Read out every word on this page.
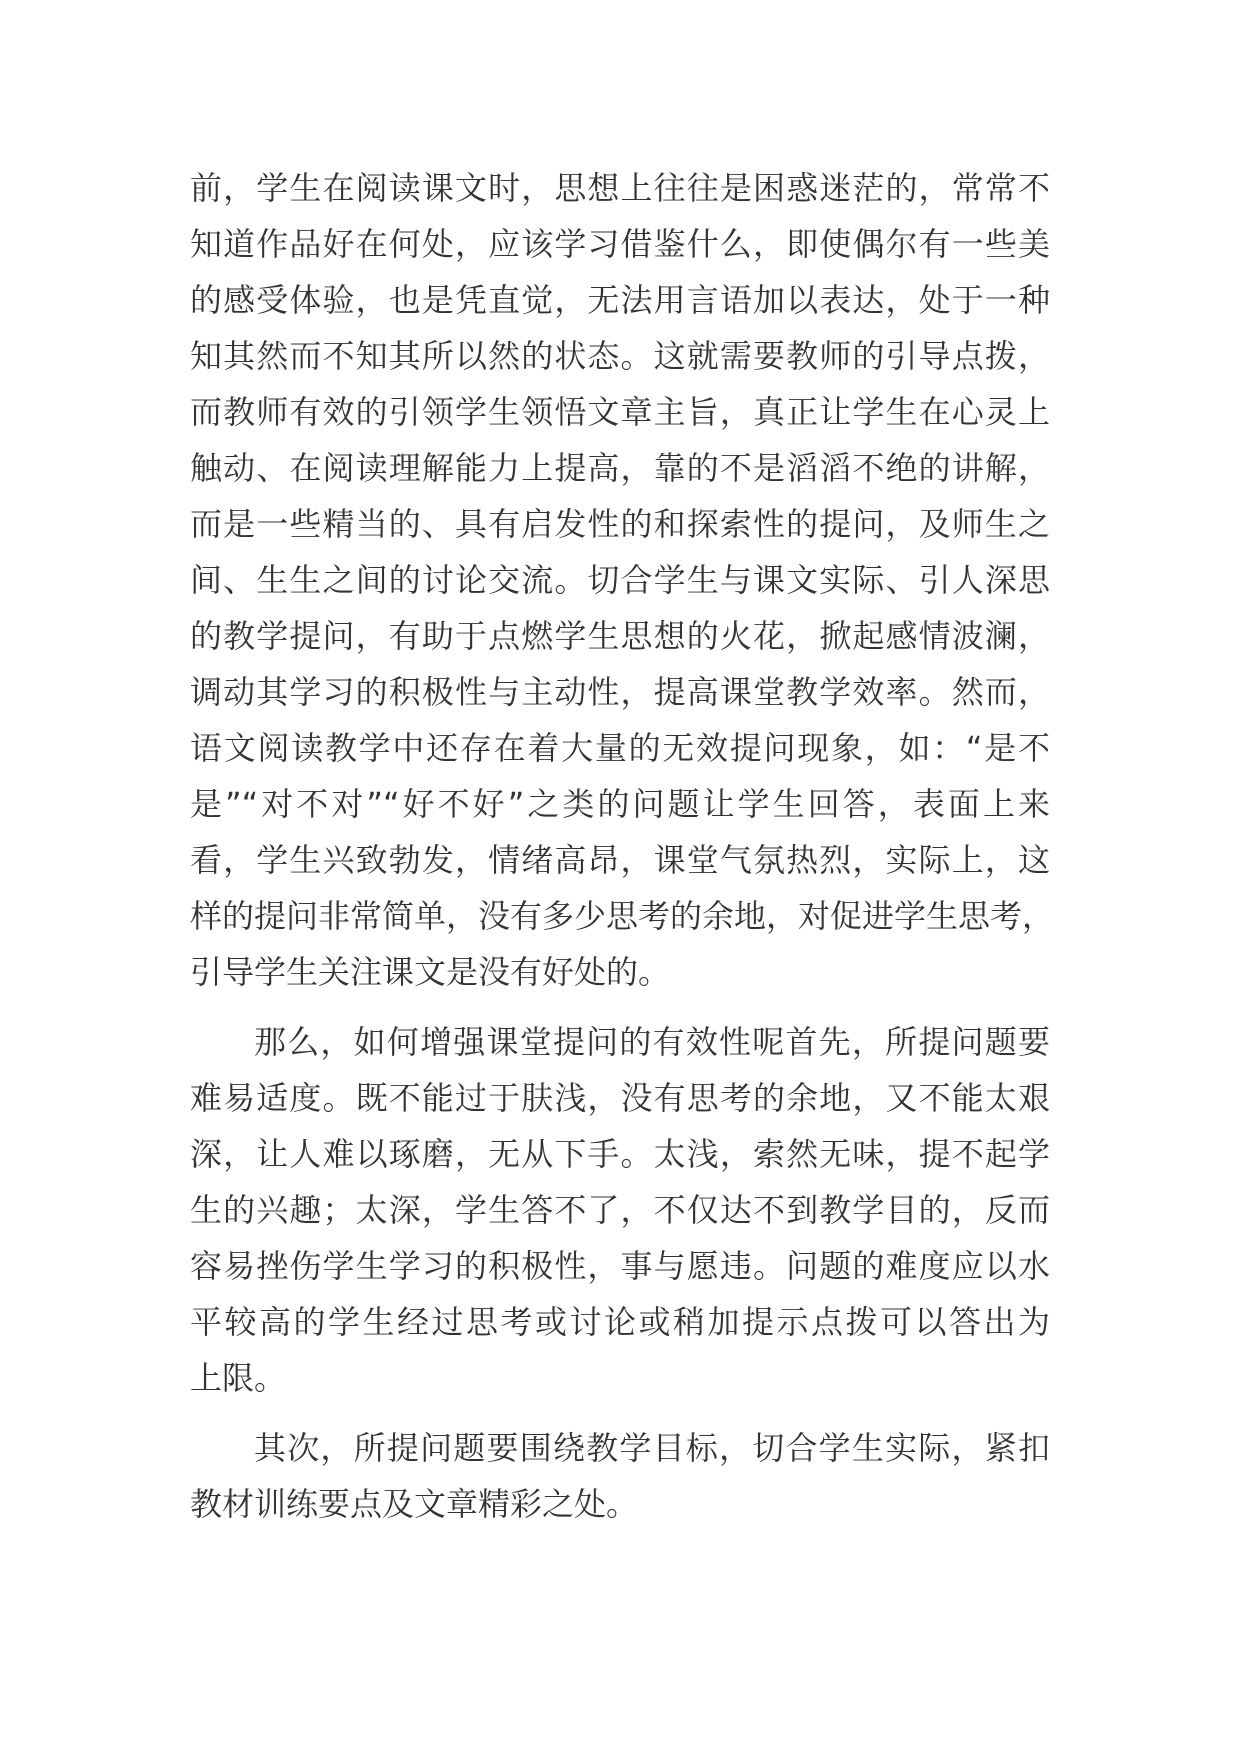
前，学生在阅读课文时，思想上往往是困惑迷茫的，常常不
知道作品好在何处，应该学习借鉴什么，即使偶尔有一些美
的感受体验，也是凭直觉，无法用言语加以表达，处于一种
知其然而不知其所以然的状态。这就需要教师的引导点拨，
而教师有效的引领学生领悟文章主旨，真正让学生在心灵上
触动、在阅读理解能力上提高，靠的不是滔滔不绝的讲解，
而是一些精当的、具有启发性的和探索性的提问，及师生之
间、生生之间的讨论交流。切合学生与课文实际、引人深思
的教学提问，有助于点燃学生思想的火花，掀起感情波澜，
调动其学习的积极性与主动性，提高课堂教学效率。然而，
语文阅读教学中还存在着大量的无效提问现象，如：“是不
是”“对不对”“好不好”之类的问题让学生回答，表面上来
看，学生兴致勃发，情绪高昂，课堂气氛热烈，实际上，这
样的提问非常简单，没有多少思考的余地，对促进学生思考，
引导学生关注课文是没有好处的。
那么，如何增强课堂提问的有效性呢首先，所提问题要
难易适度。既不能过于肤浅，没有思考的余地，又不能太艰
深，让人难以琢磨，无从下手。太浅，索然无味，提不起学
生的兴趣；太深，学生答不了，不仅达不到教学目的，反而
容易挫伤学生学习的积极性，事与愿违。问题的难度应以水
平较高的学生经过思考或讨论或稍加提示点拨可以答出为
上限。
其次，所提问题要围绕教学目标，切合学生实际，紧扣
教材训练要点及文章精彩之处。
